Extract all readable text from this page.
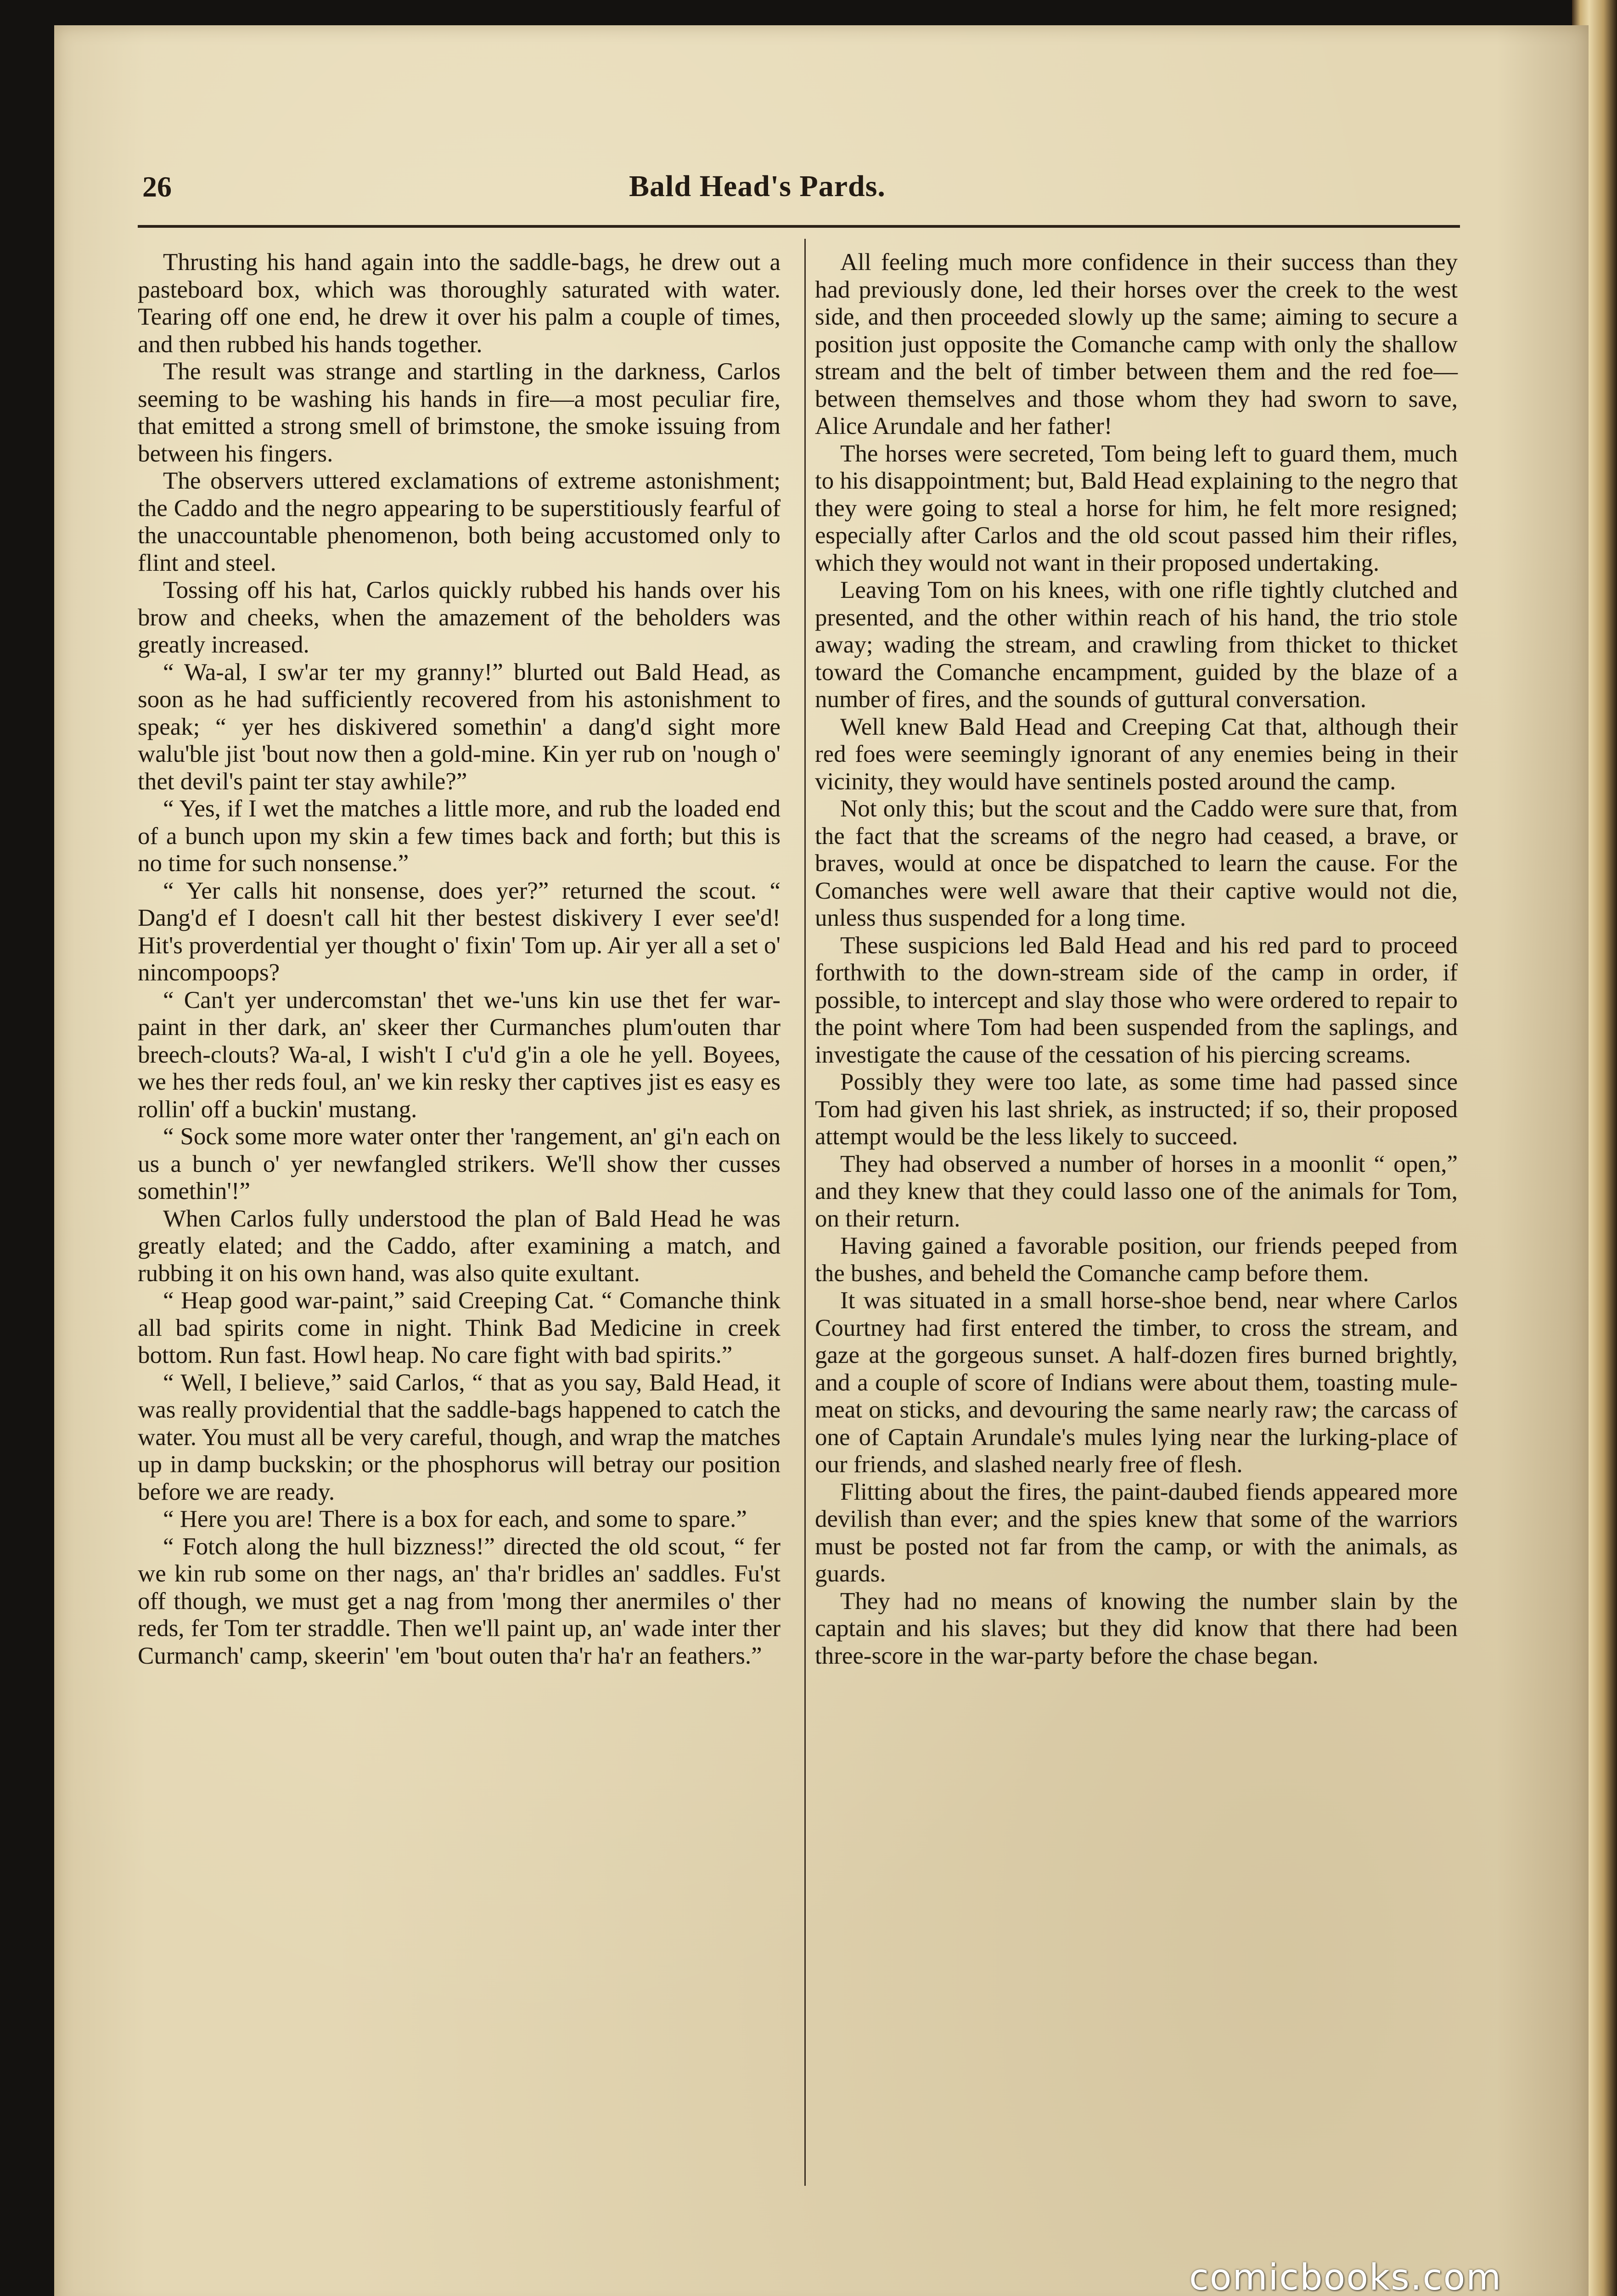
26	Bald Head's Pards.

Thrusting his hand again into the saddle-bags, he drew out a pasteboard box, which was thoroughly saturated with water. Tearing off one end, he drew it over his palm a couple of times, and then rubbed his hands together.

The result was strange and startling in the darkness, Carlos seeming to be washing his hands in fire—a most peculiar fire, that emitted a strong smell of brimstone, the smoke issuing from between his fingers.

The observers uttered exclamations of extreme astonishment; the Caddo and the negro appearing to be superstitiously fearful of the unaccountable phenomenon, both being accustomed only to flint and steel.

Tossing off his hat, Carlos quickly rubbed his hands over his brow and cheeks, when the amazement of the beholders was greatly increased.

“ Wa-al, I sw'ar ter my granny!” blurted out Bald Head, as soon as he had sufficiently recovered from his astonishment to speak; “ yer hes diskivered somethin' a dang'd sight more walu'ble jist 'bout now then a gold-mine. Kin yer rub on 'nough o' thet devil's paint ter stay awhile?”

“ Yes, if I wet the matches a little more, and rub the loaded end of a bunch upon my skin a few times back and forth; but this is no time for such nonsense.”

“ Yer calls hit nonsense, does yer?” returned the scout. “ Dang'd ef I doesn't call hit ther bestest diskivery I ever see'd! Hit's proverdential yer thought o' fixin' Tom up. Air yer all a set o' nincompoops?

“ Can't yer undercomstan' thet we-'uns kin use thet fer war-paint in ther dark, an' skeer ther Curmanches plum'outen thar breech-clouts? Wa-al, I wish't I c'u'd g'in a ole he yell. Boyees, we hes ther reds foul, an' we kin resky ther captives jist es easy es rollin' off a buckin' mustang.

“ Sock some more water onter ther 'rangement, an' gi'n each on us a bunch o' yer newfangled strikers. We'll show ther cusses somethin'!”

When Carlos fully understood the plan of Bald Head he was greatly elated; and the Caddo, after examining a match, and rubbing it on his own hand, was also quite exultant.

“ Heap good war-paint,” said Creeping Cat. “ Comanche think all bad spirits come in night. Think Bad Medicine in creek bottom. Run fast. Howl heap. No care fight with bad spirits.”

“ Well, I believe,” said Carlos, “ that as you say, Bald Head, it was really providential that the saddle-bags happened to catch the water. You must all be very careful, though, and wrap the matches up in damp buckskin; or the phosphorus will betray our position before we are ready.

“ Here you are! There is a box for each, and some to spare.”

“ Fotch along the hull bizzness!” directed the old scout, “ fer we kin rub some on ther nags, an' tha'r bridles an' saddles. Fu'st off though, we must get a nag from 'mong ther anermiles o' ther reds, fer Tom ter straddle. Then we'll paint up, an' wade inter ther Curmanch' camp, skeerin' 'em 'bout outen tha'r ha'r an feathers.”

All feeling much more confidence in their success than they had previously done, led their horses over the creek to the west side, and then proceeded slowly up the same; aiming to secure a position just opposite the Comanche camp with only the shallow stream and the belt of timber between them and the red foe—between themselves and those whom they had sworn to save, Alice Arundale and her father!

The horses were secreted, Tom being left to guard them, much to his disappointment; but, Bald Head explaining to the negro that they were going to steal a horse for him, he felt more resigned; especially after Carlos and the old scout passed him their rifles, which they would not want in their proposed undertaking.

Leaving Tom on his knees, with one rifle tightly clutched and presented, and the other within reach of his hand, the trio stole away; wading the stream, and crawling from thicket to thicket toward the Comanche encampment, guided by the blaze of a number of fires, and the sounds of guttural conversation.

Well knew Bald Head and Creeping Cat that, although their red foes were seemingly ignorant of any enemies being in their vicinity, they would have sentinels posted around the camp.

Not only this; but the scout and the Caddo were sure that, from the fact that the screams of the negro had ceased, a brave, or braves, would at once be dispatched to learn the cause. For the Comanches were well aware that their captive would not die, unless thus suspended for a long time.

These suspicions led Bald Head and his red pard to proceed forthwith to the down-stream side of the camp in order, if possible, to intercept and slay those who were ordered to repair to the point where Tom had been suspended from the saplings, and investigate the cause of the cessation of his piercing screams.

Possibly they were too late, as some time had passed since Tom had given his last shriek, as instructed; if so, their proposed attempt would be the less likely to succeed.

They had observed a number of horses in a moonlit “ open,” and they knew that they could lasso one of the animals for Tom, on their return.

Having gained a favorable position, our friends peeped from the bushes, and beheld the Comanche camp before them.

It was situated in a small horse-shoe bend, near where Carlos Courtney had first entered the timber, to cross the stream, and gaze at the gorgeous sunset. A half-dozen fires burned brightly, and a couple of score of Indians were about them, toasting mule-meat on sticks, and devouring the same nearly raw; the carcass of one of Captain Arundale's mules lying near the lurking-place of our friends, and slashed nearly free of flesh.

Flitting about the fires, the paint-daubed fiends appeared more devilish than ever; and the spies knew that some of the warriors must be posted not far from the camp, or with the animals, as guards.

They had no means of knowing the number slain by the captain and his slaves; but they did know that there had been three-score in the war-party before the chase began.

comicbooks.com
